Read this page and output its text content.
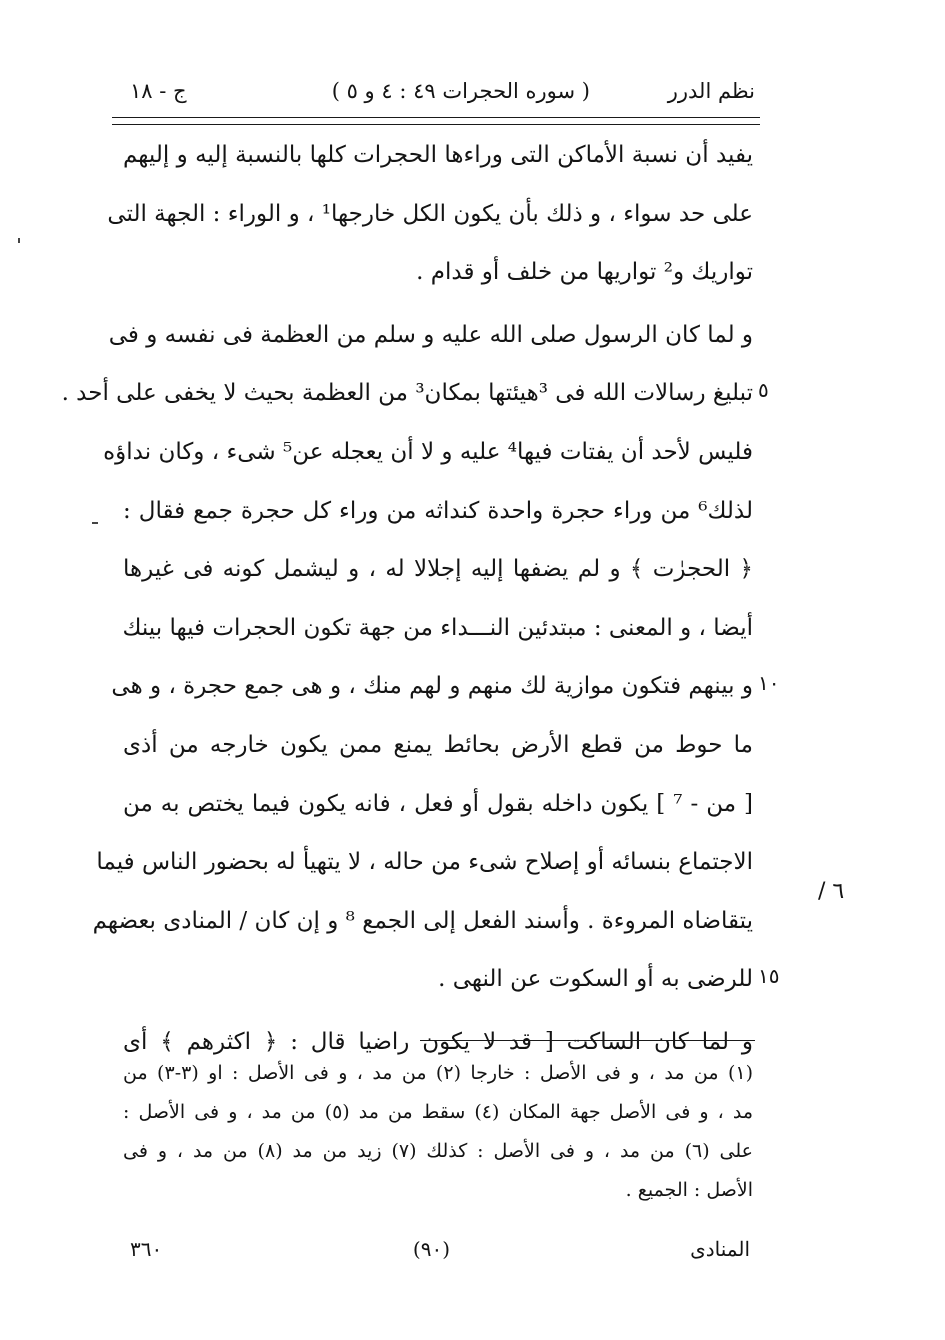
نظم الدرر
( سوره الحجرات ٤٩ : ٤ و ٥ )
ج - ١٨
يفيد أن نسبة الأماكن التى وراءها الحجرات كلها بالنسبة إليه و إليهم
على حد سواء ، و ذلك بأن يكون الكل خارجها¹ ، و الوراء : الجهة التى
تواريك و² تواريها من خلف أو قدام .
و لما كان الرسول صلى الله عليه و سلم من العظمة فى نفسه و فى
تبليغ رسالات الله فى ³هيئتها بمكان³ من العظمة بحيث لا يخفى على أحد .
فليس لأحد أن يفتات فيها⁴ عليه و لا أن يعجله عن⁵ شىء ، وكان نداؤه
لذلك⁶ من وراء حجرة واحدة كنداثه من وراء كل حجرة جمع فقال :
﴿ الحجرٰت ﴾ و لم يضفها إليه إجلالا له ، و ليشمل كونه فى غيرها
أيضا ، و المعنى : مبتدئين النـــداء من جهة تكون الحجرات فيها بينك
و بينهم فتكون موازية لك منهم و لهم منك ، و هى جمع حجرة ، و هى
ما حوط من قطع الأرض بحائط يمنع ممن يكون خارجه من أذى
[ من - ⁷ ] يكون داخله بقول أو فعل ، فانه يكون فيما يختص به من
الاجتماع بنسائه أو إصلاح شىء من حاله ، لا يتهيأ له بحضور الناس فيما
يتقاضاه المروءة . وأسند الفعل إلى الجمع ⁸ و إن كان / المنادى بعضهم
للرضى به أو السكوت عن النهى .
و لما كان الساكت [ قد لا يكون راضيا قال : ﴿ اكثرهم ﴾ أى
٦ /
(١) من مد ، و فى الأصل : خارجا (٢) من مد ، و فى الأصل : او (٣-٣) من
مد ، و فى الأصل جهة المكان (٤) سقط من مد (٥) من مد ، و فى الأصل :
على (٦) من مد ، و فى الأصل : كذلك (٧) زيد من مد (٨) من مد ، و فى
الأصل : الجميع .
المنادى
(٩٠)
٣٦٠
٥
١٠
١٥
